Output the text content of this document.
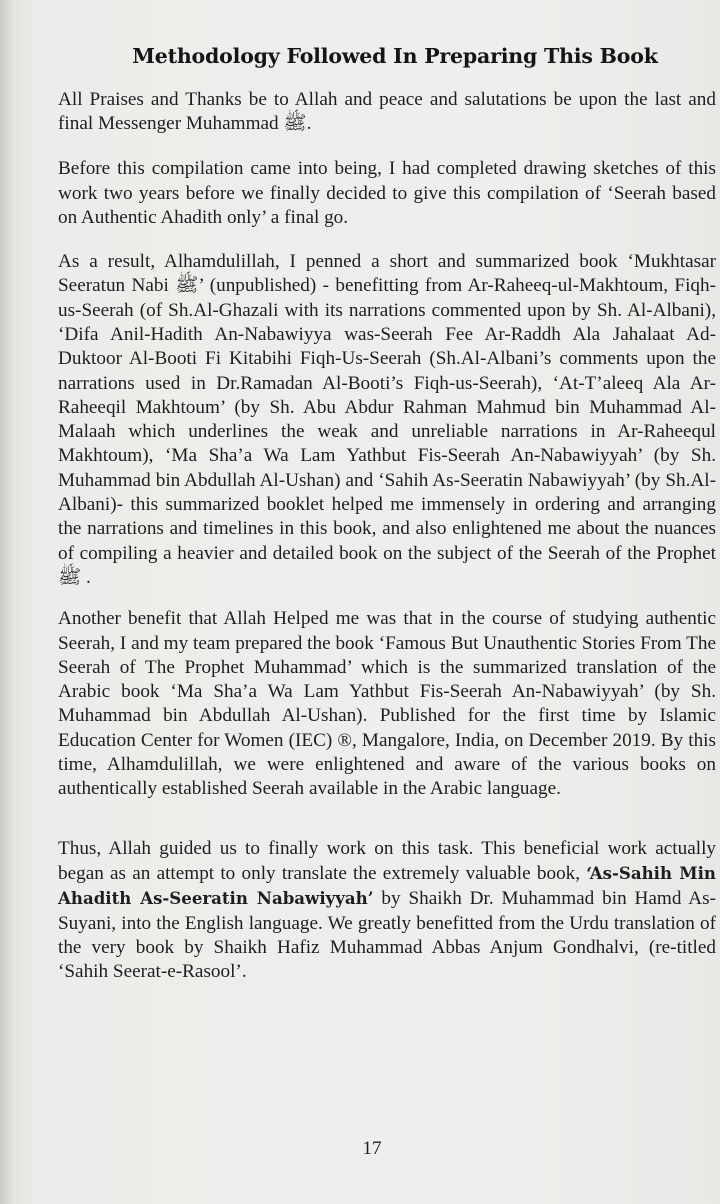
Methodology Followed In Preparing This Book

All Praises and Thanks be to Allah and peace and salutations be upon the last and final Messenger Muhammad ﷺ.

Before this compilation came into being, I had completed drawing sketches of this work two years before we finally decided to give this compilation of ‘Seerah based on Authentic Ahadith only’ a final go.

As a result, Alhamdulillah, I penned a short and summarized book ‘Mukhtasar Seeratun Nabi ﷺ’ (unpublished) - benefitting from Ar-Raheeq-ul-Makhtoum, Fiqh-us-Seerah (of Sh.Al-Ghazali with its narrations commented upon by Sh. Al-Albani), ‘Difa Anil-Hadith An-Nabawiyya was-Seerah Fee Ar-Raddh Ala Jahalaat Ad-Duktoor Al-Booti Fi Kitabihi Fiqh-Us-Seerah (Sh.Al-Albani’s comments upon the narrations used in Dr.Ramadan Al-Booti’s Fiqh-us-Seerah), ‘At-T’aleeq Ala Ar-Raheeqil Makhtoum’ (by Sh. Abu Abdur Rahman Mahmud bin Muhammad Al-Malaah which underlines the weak and unreliable narrations in Ar-Raheequl Makhtoum), ‘Ma Sha’a Wa Lam Yathbut Fis-Seerah An-Nabawiyyah’ (by Sh. Muhammad bin Abdullah Al-Ushan) and ‘Sahih As-Seeratin Nabawiyyah’ (by Sh.Al-Albani)- this summarized booklet helped me immensely in ordering and arranging the narrations and timelines in this book, and also enlightened me about the nuances of compiling a heavier and detailed book on the subject of the Seerah of the Prophet ﷺ .

Another benefit that Allah Helped me was that in the course of studying authentic Seerah, I and my team prepared the book ‘Famous But Unauthentic Stories From The Seerah of The Prophet Muhammad’ which is the summarized translation of the Arabic book ‘Ma Sha’a Wa Lam Yathbut Fis-Seerah An-Nabawiyyah’ (by Sh. Muhammad bin Abdullah Al-Ushan). Published for the first time by Islamic Education Center for Women (IEC) ®, Mangalore, India, on December 2019. By this time, Alhamdulillah, we were enlightened and aware of the various books on authentically established Seerah available in the Arabic language.

Thus, Allah guided us to finally work on this task. This beneficial work actually began as an attempt to only translate the extremely valuable book, ‘As-Sahih Min Ahadith As-Seeratin Nabawiyyah’ by Shaikh Dr. Muhammad bin Hamd As-Suyani, into the English language. We greatly benefitted from the Urdu translation of the very book by Shaikh Hafiz Muhammad Abbas Anjum Gondhalvi, (re-titled ‘Sahih Seerat-e-Rasool’.

17
